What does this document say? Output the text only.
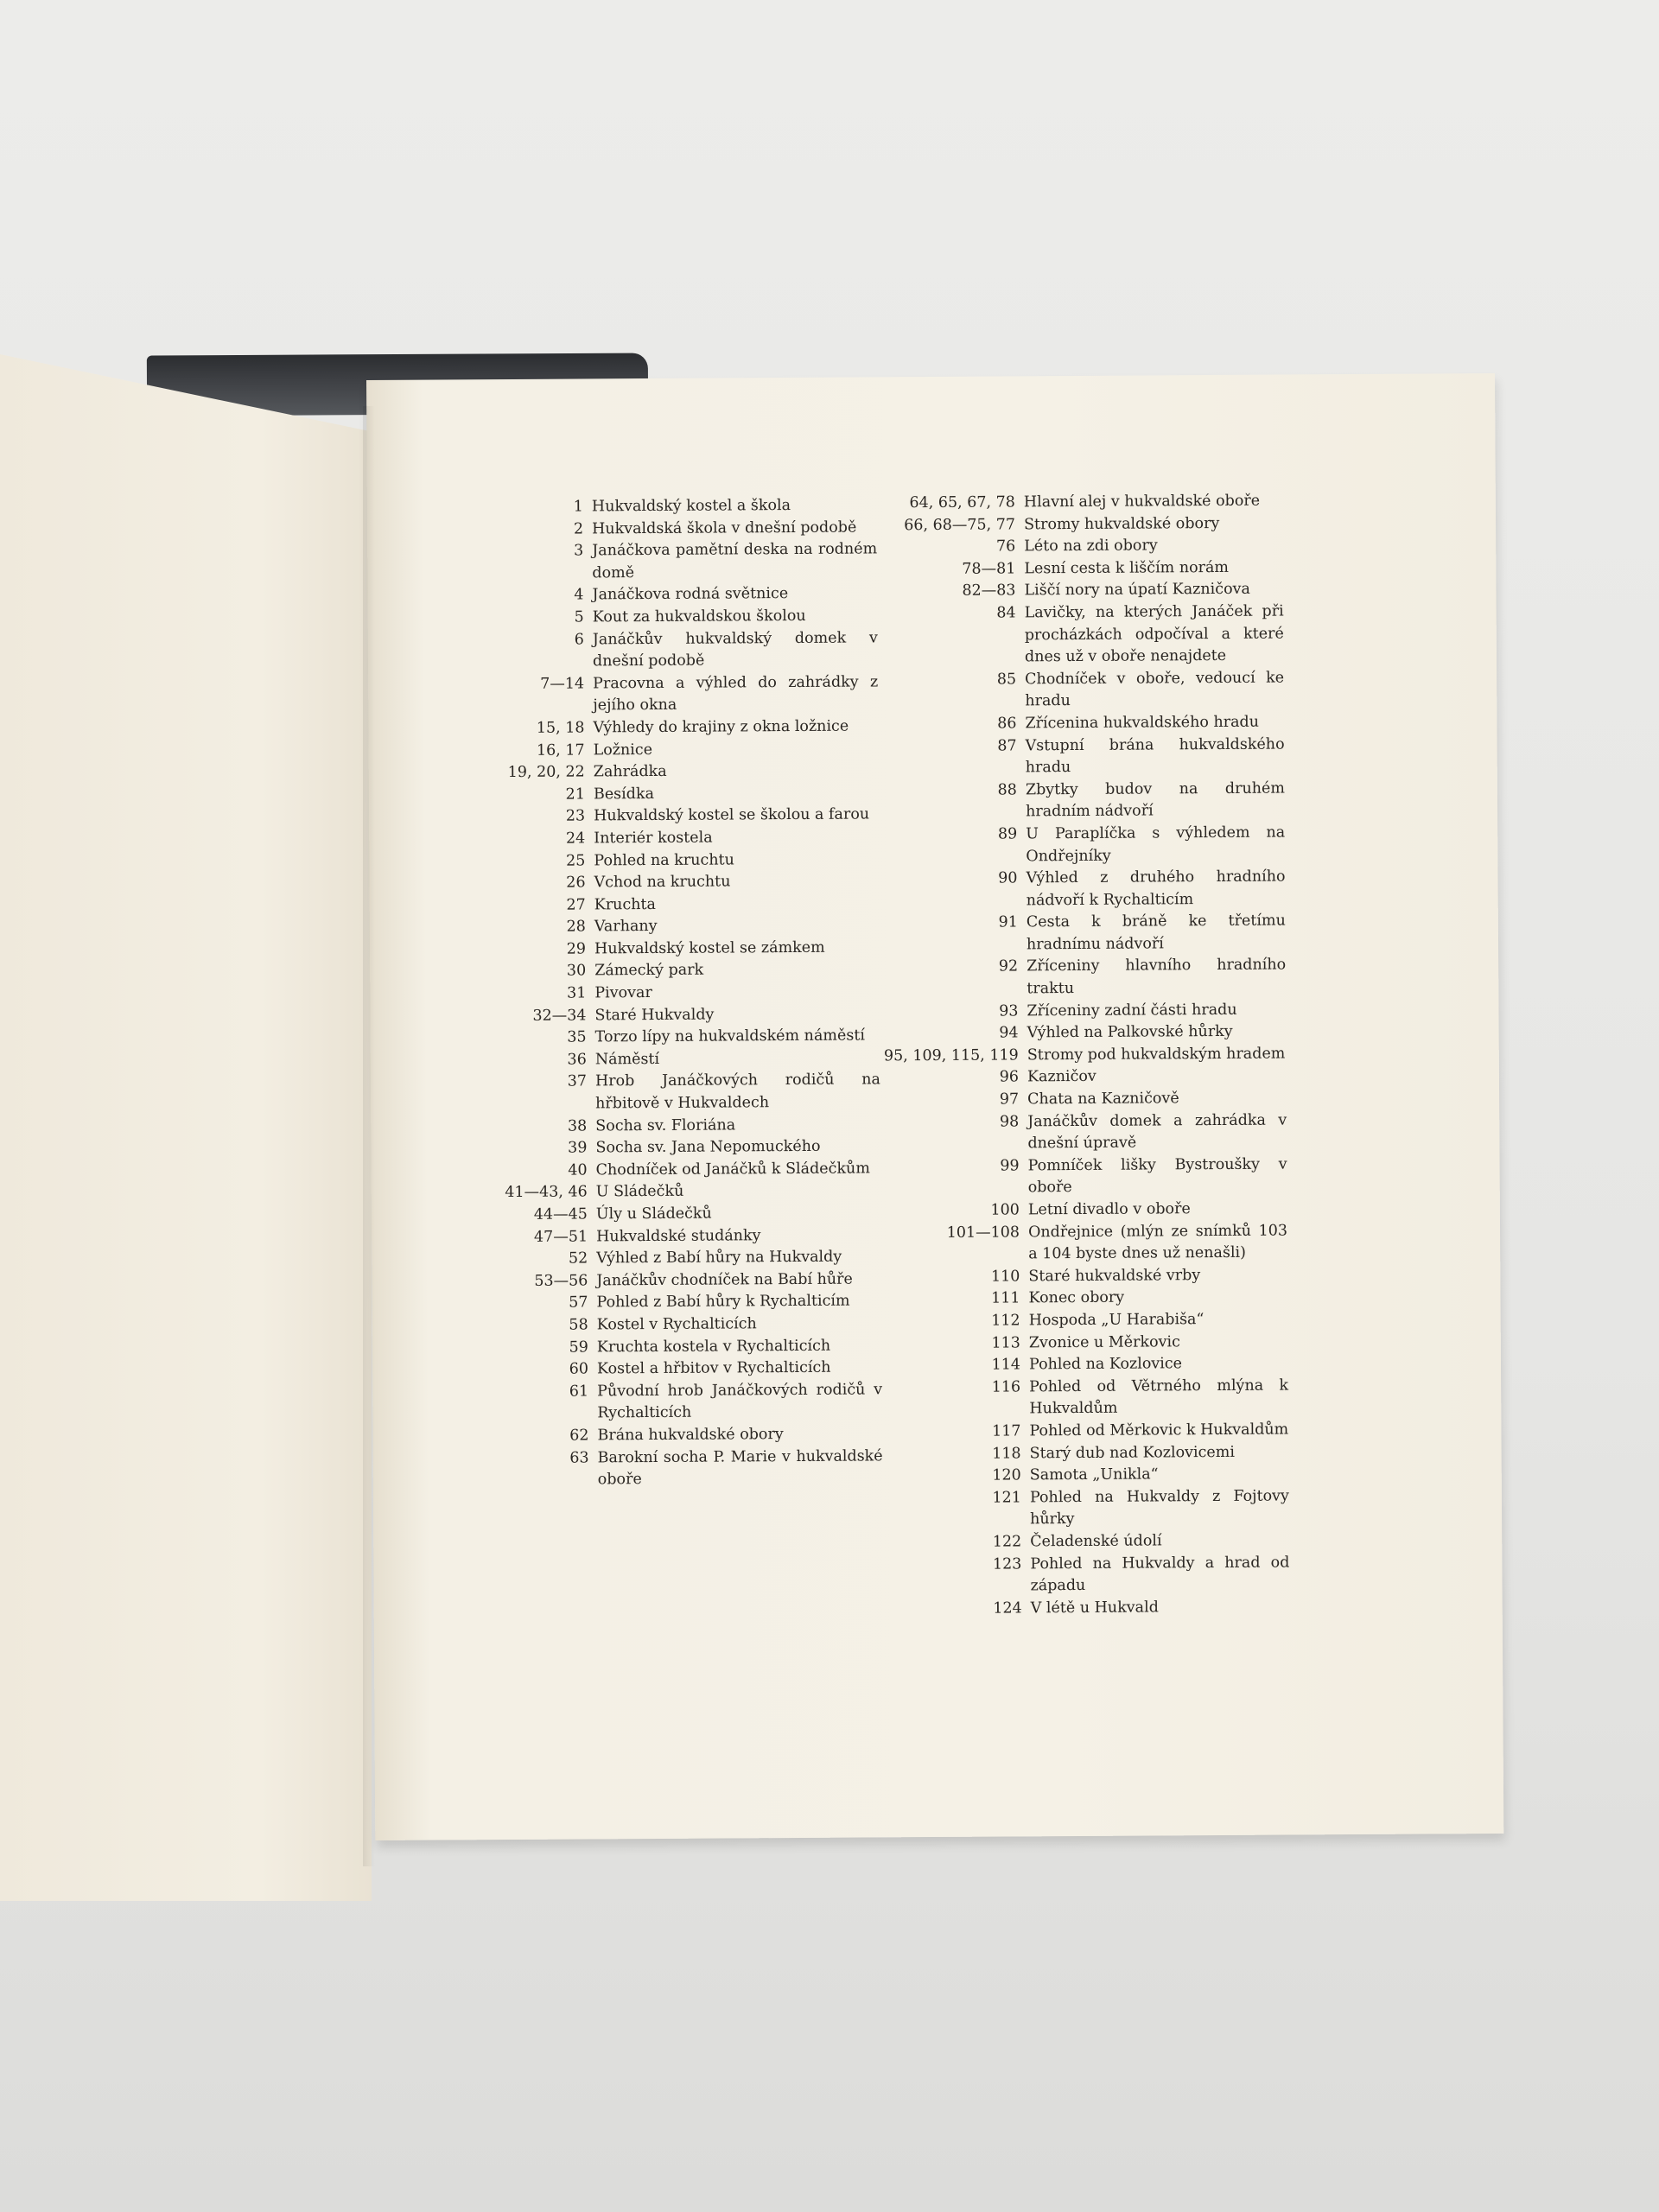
1 Hukvaldský kostel a škola
2 Hukvaldská škola v dnešní podobě
3 Janáčkova pamětní deska na rodném domě
4 Janáčkova rodná světnice
5 Kout za hukvaldskou školou
6 Janáčkův hukvaldský domek v dnešní podobě
7—14 Pracovna a výhled do zahrádky z jejího okna
15, 18 Výhledy do krajiny z okna ložnice
16, 17 Ložnice
19, 20, 22 Zahrádka
21 Besídka
23 Hukvaldský kostel se školou a farou
24 Interiér kostela
25 Pohled na kruchtu
26 Vchod na kruchtu
27 Kruchta
28 Varhany
29 Hukvaldský kostel se zámkem
30 Zámecký park
31 Pivovar
32—34 Staré Hukvaldy
35 Torzo lípy na hukvaldském náměstí
36 Náměstí
37 Hrob Janáčkových rodičů na hřbitově v Hukvaldech
38 Socha sv. Floriána
39 Socha sv. Jana Nepomuckého
40 Chodníček od Janáčků k Sládečkům
41—43, 46 U Sládečků
44—45 Úly u Sládečků
47—51 Hukvaldské studánky
52 Výhled z Babí hůry na Hukvaldy
53—56 Janáčkův chodníček na Babí hůře
57 Pohled z Babí hůry k Rychalticím
58 Kostel v Rychalticích
59 Kruchta kostela v Rychalticích
60 Kostel a hřbitov v Rychalticích
61 Původní hrob Janáčkových rodičů v Rychalticích
62 Brána hukvaldské obory
63 Barokní socha P. Marie v hukvaldské oboře
64, 65, 67, 78 Hlavní alej v hukvaldské oboře
66, 68—75, 77 Stromy hukvaldské obory
76 Léto na zdi obory
78—81 Lesní cesta k liščím norám
82—83 Liščí nory na úpatí Kazničova
84 Lavičky, na kterých Janáček při procházkách odpočíval a které dnes už v oboře nenajdete
85 Chodníček v oboře, vedoucí ke hradu
86 Zřícenina hukvaldského hradu
87 Vstupní brána hukvaldského hradu
88 Zbytky budov na druhém hradním nádvoří
89 U Paraplíčka s výhledem na Ondřejníky
90 Výhled z druhého hradního nádvoří k Rychalticím
91 Cesta k bráně ke třetímu hradnímu nádvoří
92 Zříceniny hlavního hradního traktu
93 Zříceniny zadní části hradu
94 Výhled na Palkovské hůrky
95, 109, 115, 119 Stromy pod hukvaldským hradem
96 Kazničov
97 Chata na Kazničově
98 Janáčkův domek a zahrádka v dnešní úpravě
99 Pomníček lišky Bystroušky v oboře
100 Letní divadlo v oboře
101—108 Ondřejnice (mlýn ze snímků 103 a 104 byste dnes už nenašli)
110 Staré hukvaldské vrby
111 Konec obory
112 Hospoda „U Harabiša“
113 Zvonice u Měrkovic
114 Pohled na Kozlovice
116 Pohled od Větrného mlýna k Hukvaldům
117 Pohled od Měrkovic k Hukvaldům
118 Starý dub nad Kozlovicemi
120 Samota „Unikla“
121 Pohled na Hukvaldy z Fojtovy hůrky
122 Čeladenské údolí
123 Pohled na Hukvaldy a hrad od západu
124 V létě u Hukvald
